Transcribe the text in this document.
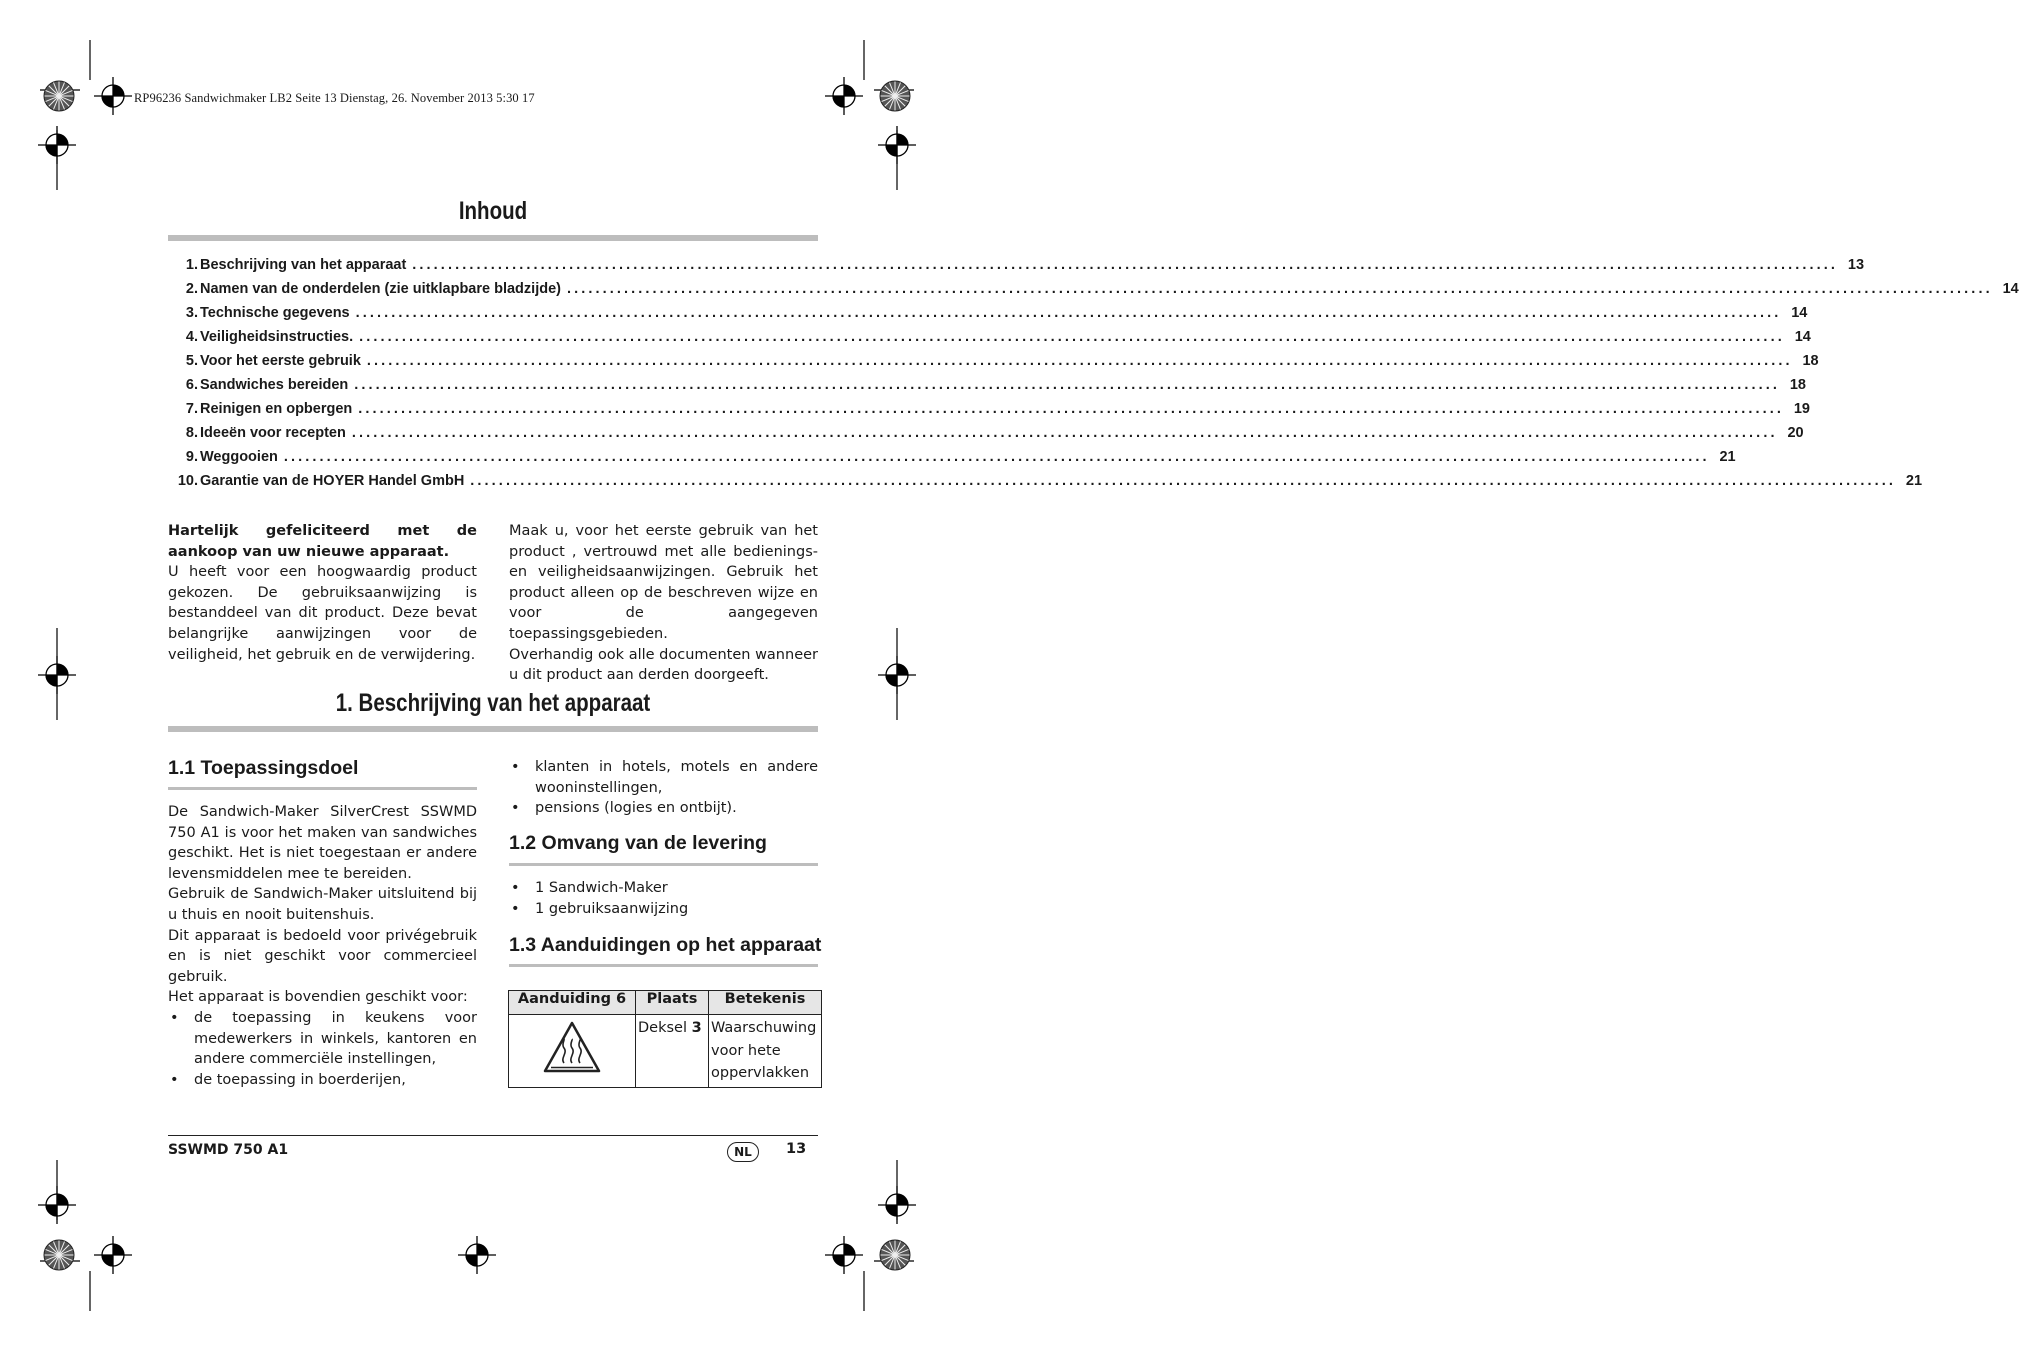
RP96236 Sandwichmaker LB2 Seite 13 Dienstag, 26. November 2013 5:30 17
Inhoud
1. Beschrijving van het apparaat ........................................................................................................................................................................................................ 13
2. Namen van de onderdelen (zie uitklapbare bladzijde) ........................................................................................................................................................................................................ 14
3. Technische gegevens ........................................................................................................................................................................................................ 14
4. Veiligheidsinstructies. ........................................................................................................................................................................................................ 14
5. Voor het eerste gebruik ........................................................................................................................................................................................................ 18
6. Sandwiches bereiden ........................................................................................................................................................................................................ 18
7. Reinigen en opbergen ........................................................................................................................................................................................................ 19
8. Ideeën voor recepten ........................................................................................................................................................................................................ 20
9. Weggooien ........................................................................................................................................................................................................ 21
10. Garantie van de HOYER Handel GmbH ........................................................................................................................................................................................................ 21

Hartelijk gefeliciteerd met de aankoop van uw nieuwe apparaat.

U heeft voor een hoogwaardig product gekozen. De gebruiksaanwijzing is bestanddeel van dit product. Deze bevat belangrijke aanwijzingen voor de veiligheid, het gebruik en de verwijdering.

Maak u, voor het eerste gebruik van het product , vertrouwd met alle bedienings- en veiligheidsaanwijzingen. Gebruik het product alleen op de beschreven wijze en voor de aangegeven toepassingsgebieden.

Overhandig ook alle documenten wanneer u dit product aan derden doorgeeft.

1. Beschrijving van het apparaat
1.1 Toepassingsdoel

De Sandwich-Maker SilverCrest SSWMD 750 A1 is voor het maken van sandwiches geschikt. Het is niet toegestaan er andere levensmiddelen mee te bereiden.

Gebruik de Sandwich-Maker uitsluitend bij u thuis en nooit buitenshuis.

Dit apparaat is bedoeld voor privégebruik en is niet geschikt voor commercieel gebruik.

Het apparaat is bovendien geschikt voor:

• de toepassing in keukens voor medewerkers in winkels, kantoren en andere commerciële instellingen,
• de toepassing in boerderijen,
• klanten in hotels, motels en andere wooninstellingen,
• pensions (logies en ontbijt).
1.2 Omvang van de levering
• 1 Sandwich-Maker
• 1 gebruiksaanwijzing
1.3 Aanduidingen op het apparaat
Aanduiding 6	Plaats	Betekenis
	Deksel 3	Waarschuwing voor hete oppervlakken
SSWMD 750 A1	NL	13
